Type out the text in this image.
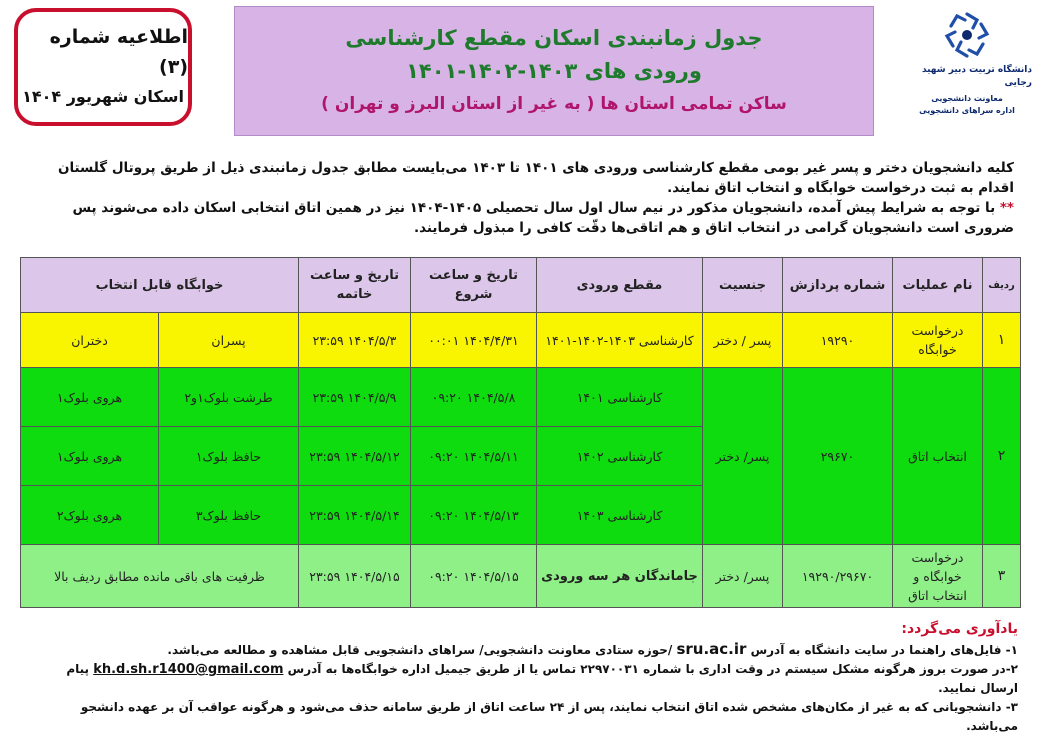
اطلاعیه شماره (۳)
اسکان شهریور ۱۴۰۴
جدول زمانبندی اسکان مقطع کارشناسی
ورودی های ۱۴۰۳-۱۴۰۲-۱۴۰۱
ساکن تمامی استان ها ( به غیر از استان البرز و تهران )
دانشگاه تربیت دبیر شهید رجایی
معاونت دانشجویی
اداره سراهای دانشجویی
کلیه دانشجویان دختر و پسر غیر بومی مقطع کارشناسی ورودی های ۱۴۰۱ تا ۱۴۰۳ می‌بایست مطابق جدول زمانبندی ذیل از طریق پروتال گلستان اقدام به ثبت درخواست خوابگاه و انتخاب اتاق نمایند.
** با توجه به شرایط پیش آمده، دانشجویان مذکور در نیم سال اول سال تحصیلی ۱۴۰۵-۱۴۰۴ نیز در همین اتاق انتخابی اسکان داده می‌شوند پس ضروری است دانشجویان گرامی در انتخاب اتاق و هم اتاقی‌ها دقّت کافی را مبذول فرمایند.
ردیف	نام عملیات	شماره پردازش	جنسیت	مقطع ورودی	تاریخ و ساعت شروع	تاریخ و ساعت خاتمه	خوابگاه قابل انتخاب	
۱	درخواست خوابگاه	۱۹۲۹۰	پسر / دختر	کارشناسی ۱۴۰۳-۱۴۰۲-۱۴۰۱	۱۴۰۴/۴/۳۱ ۰۰:۰۱	۱۴۰۴/۵/۳ ۲۳:۵۹	پسران	دختران
۲	انتخاب اتاق	۲۹۶۷۰	پسر/ دختر	کارشناسی ۱۴۰۱	۱۴۰۴/۵/۸ ۰۹:۲۰	۱۴۰۴/۵/۹ ۲۳:۵۹	طرشت بلوک۱و۲	هروی بلوک۱
				کارشناسی ۱۴۰۲	۱۴۰۴/۵/۱۱ ۰۹:۲۰	۱۴۰۴/۵/۱۲ ۲۳:۵۹	حافظ بلوک۱	هروی بلوک۱
				کارشناسی ۱۴۰۳	۱۴۰۴/۵/۱۳ ۰۹:۲۰	۱۴۰۴/۵/۱۴ ۲۳:۵۹	حافظ بلوک۳	هروی بلوک۲
۳	درخواست خوابگاه و انتخاب اتاق	۱۹۲۹۰/۲۹۶۷۰	پسر/ دختر	جاماندگان هر سه ورودی	۱۴۰۴/۵/۱۵ ۰۹:۲۰	۱۴۰۴/۵/۱۵ ۲۳:۵۹	ظرفیت های باقی مانده مطابق ردیف بالا	
یادآوری می‌گردد:
۱- فایل‌های راهنما در سایت دانشگاه به آدرس sru.ac.ir /حوزه ستادی معاونت دانشجویی/ سراهای دانشجویی قابل مشاهده و مطالعه می‌باشد.
۲-در صورت بروز هرگونه مشکل سیستم در وقت اداری با شماره ۲۲۹۷۰۰۳۱ تماس یا از طریق جیمیل اداره خوابگاه‌ها به آدرس kh.d.sh.r1400@gmail.com پیام ارسال نمایید.
۳- دانشجویانی که به غیر از مکان‌های مشخص شده اتاق انتخاب نمایند، پس از ۲۴ ساعت اتاق از طریق سامانه حذف می‌شود و هرگونه عواقب آن بر عهده دانشجو می‌باشد.
